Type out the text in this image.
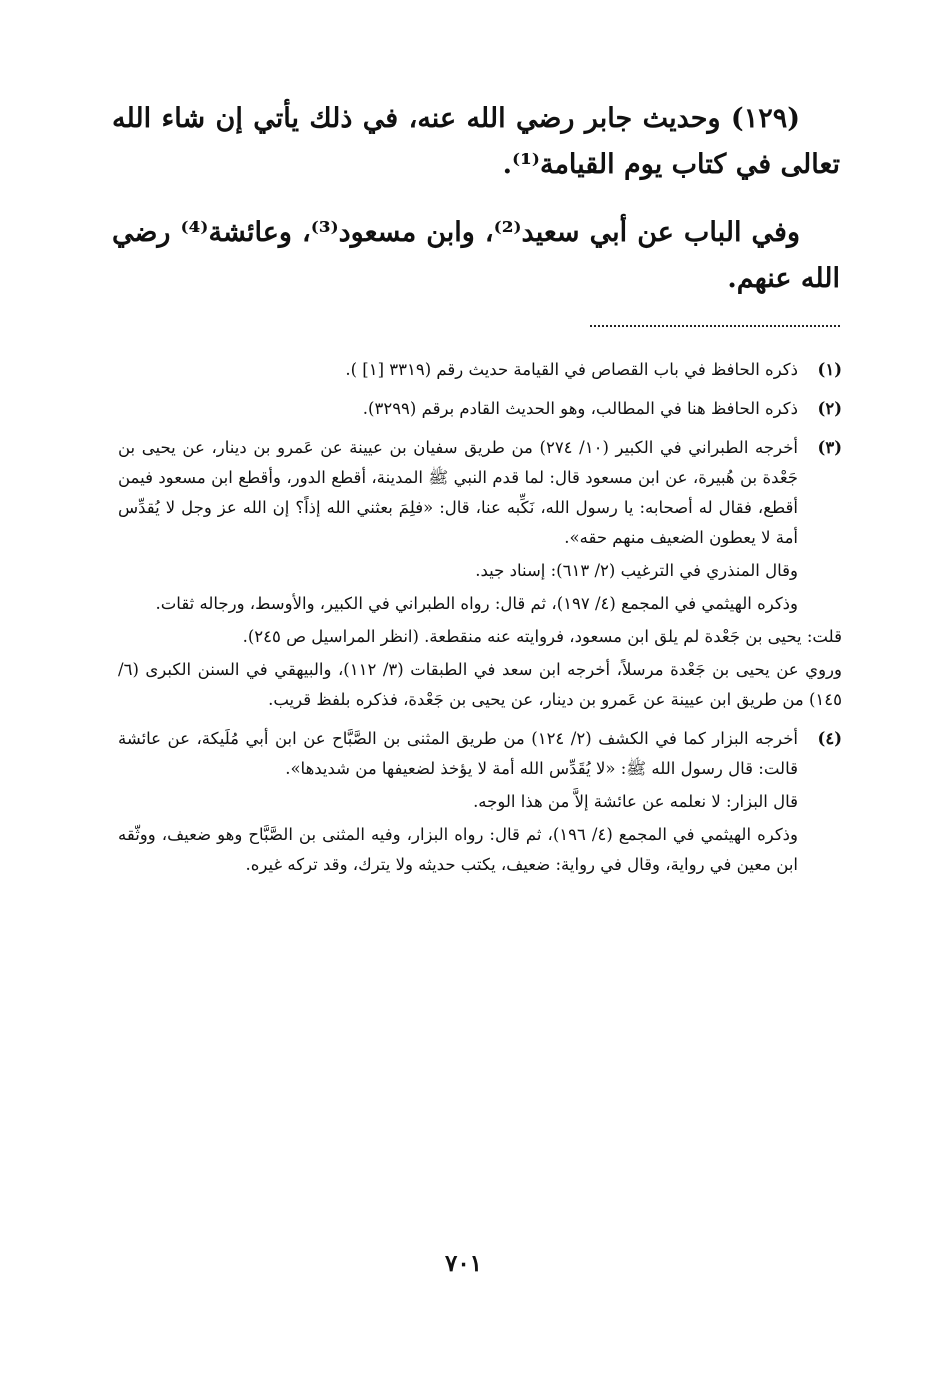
(١٢٩) وحديث جابر رضي الله عنه، في ذلك يأتي إن شاء الله تعالى في كتاب يوم القيامة⁽¹⁾.

وفي الباب عن أبي سعيد⁽²⁾، وابن مسعود⁽³⁾، وعائشة⁽⁴⁾ رضي الله عنهم.

(١)

ذكره الحافظ في باب القصاص في القيامة حديث رقم (٣٣١٩ [١] ).

(٢)

ذكره الحافظ هنا في المطالب، وهو الحديث القادم برقم (٣٢٩٩).

(٣)

أخرجه الطبراني في الكبير (١٠/ ٢٧٤) من طريق سفيان بن عيينة عن عَمرو بن دينار، عن يحيى بن جَعْدة بن هُبيرة، عن ابن مسعود قال: لما قدم النبي ﷺ المدينة، أقطع الدور، وأقطع ابن مسعود فيمن أقطع، فقال له أصحابه: يا رسول الله، نَكِّبه عنا، قال: «فلِمَ بعثني الله إذاً؟ إن الله عز وجل لا يُقدِّس أمة لا يعطون الضعيف منهم حقه».

وقال المنذري في الترغيب (٢/ ٦١٣): إسناد جيد.

وذكره الهيثمي في المجمع (٤/ ١٩٧)، ثم قال: رواه الطبراني في الكبير، والأوسط، ورجاله ثقات.

قلت: يحيى بن جَعْدة لم يلق ابن مسعود، فروايته عنه منقطعة. (انظر المراسيل ص ٢٤٥).

وروي عن يحيى بن جَعْدة مرسلاً، أخرجه ابن سعد في الطبقات (٣/ ١١٢)، والبيهقي في السنن الكبرى (٦/ ١٤٥) من طريق ابن عيينة عن عَمرو بن دينار، عن يحيى بن جَعْدة، فذكره بلفظ قريب.

(٤)

أخرجه البزار كما في الكشف (٢/ ١٢٤) من طريق المثنى بن الصَّبَّاح عن ابن أبي مُلَيكة، عن عائشة قالت: قال رسول الله ﷺ: «لا يُقَدِّس الله أمة لا يؤخذ لضعيفها من شديدها».

قال البزار: لا نعلمه عن عائشة إلاَّ من هذا الوجه.

وذكره الهيثمي في المجمع (٤/ ١٩٦)، ثم قال: رواه البزار، وفيه المثنى بن الصَّبَّاح وهو ضعيف، ووثّقه ابن معين في رواية، وقال في رواية: ضعيف، يكتب حديثه ولا يترك، وقد تركه غيره.

٧٠١
